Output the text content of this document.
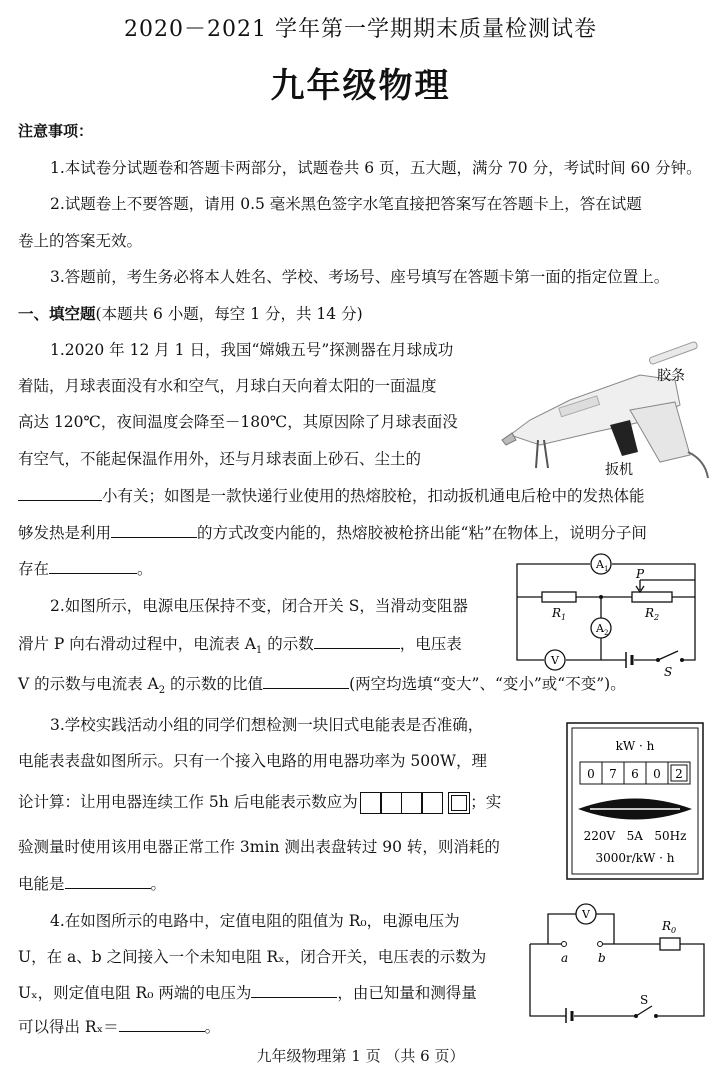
2020－2021 学年第一学期期末质量检测试卷
九年级物理
注意事项：
1.本试卷分试题卷和答题卡两部分，试题卷共 6 页，五大题，满分 70 分，考试时间 60 分钟。
2.试题卷上不要答题，请用 0.5 毫米黑色签字水笔直接把答案写在答题卡上，答在试题
卷上的答案无效。
3.答题前，考生务必将本人姓名、学校、考场号、座号填写在答题卡第一面的指定位置上。
一、填空题(本题共 6 小题，每空 1 分，共 14 分)
1.2020 年 12 月 1 日，我国“嫦娥五号”探测器在月球成功
着陆，月球表面没有水和空气，月球白天向着太阳的一面温度
高达 120℃，夜间温度会降至－180℃，其原因除了月球表面没
有空气，不能起保温作用外，还与月球表面上砂石、尘土的
小有关；如图是一款快递行业使用的热熔胶枪，扣动扳机通电后枪中的发热体能
够发热是利用	的方式改变内能的，热熔胶被枪挤出能“粘”在物体上，说明分子间
存在	。
胶条
扳机
2.如图所示，电源电压保持不变，闭合开关 S，当滑动变阻器
滑片 P 向右滑动过程中，电流表 $A_1$ 的示数	，电压表
V 的示数与电流表 $A_2$ 的示数的比值	(两空均选填“变大”、“变小”或“不变”)。
$A_1$
$A_2$
V
$R_1$	$R_2$
P
S
3.学校实践活动小组的同学们想检测一块旧式电能表是否准确，
电能表表盘如图所示。只有一个接入电路的用电器功率为 500W，理
论计算：让用电器连续工作 5h 后电能表示数应为	；实
验测量时使用该用电器正常工作 3min 测出表盘转过 90 转，则消耗的
电能是	。
kW · h
0 7 6 0 2
220V   5A   50Hz
3000r/kW · h
4.在如图所示的电路中，定值电阻的阻值为 R₀，电源电压为
U，在 a、b 之间接入一个未知电阻 Rₓ，闭合开关，电压表的示数为
Uₓ，则定值电阻 R₀ 两端的电压为	，由已知量和测得量
可以得出 Rₓ＝	。
V
$R_0$
a b
S
九年级物理第 1 页 （共 6 页）
